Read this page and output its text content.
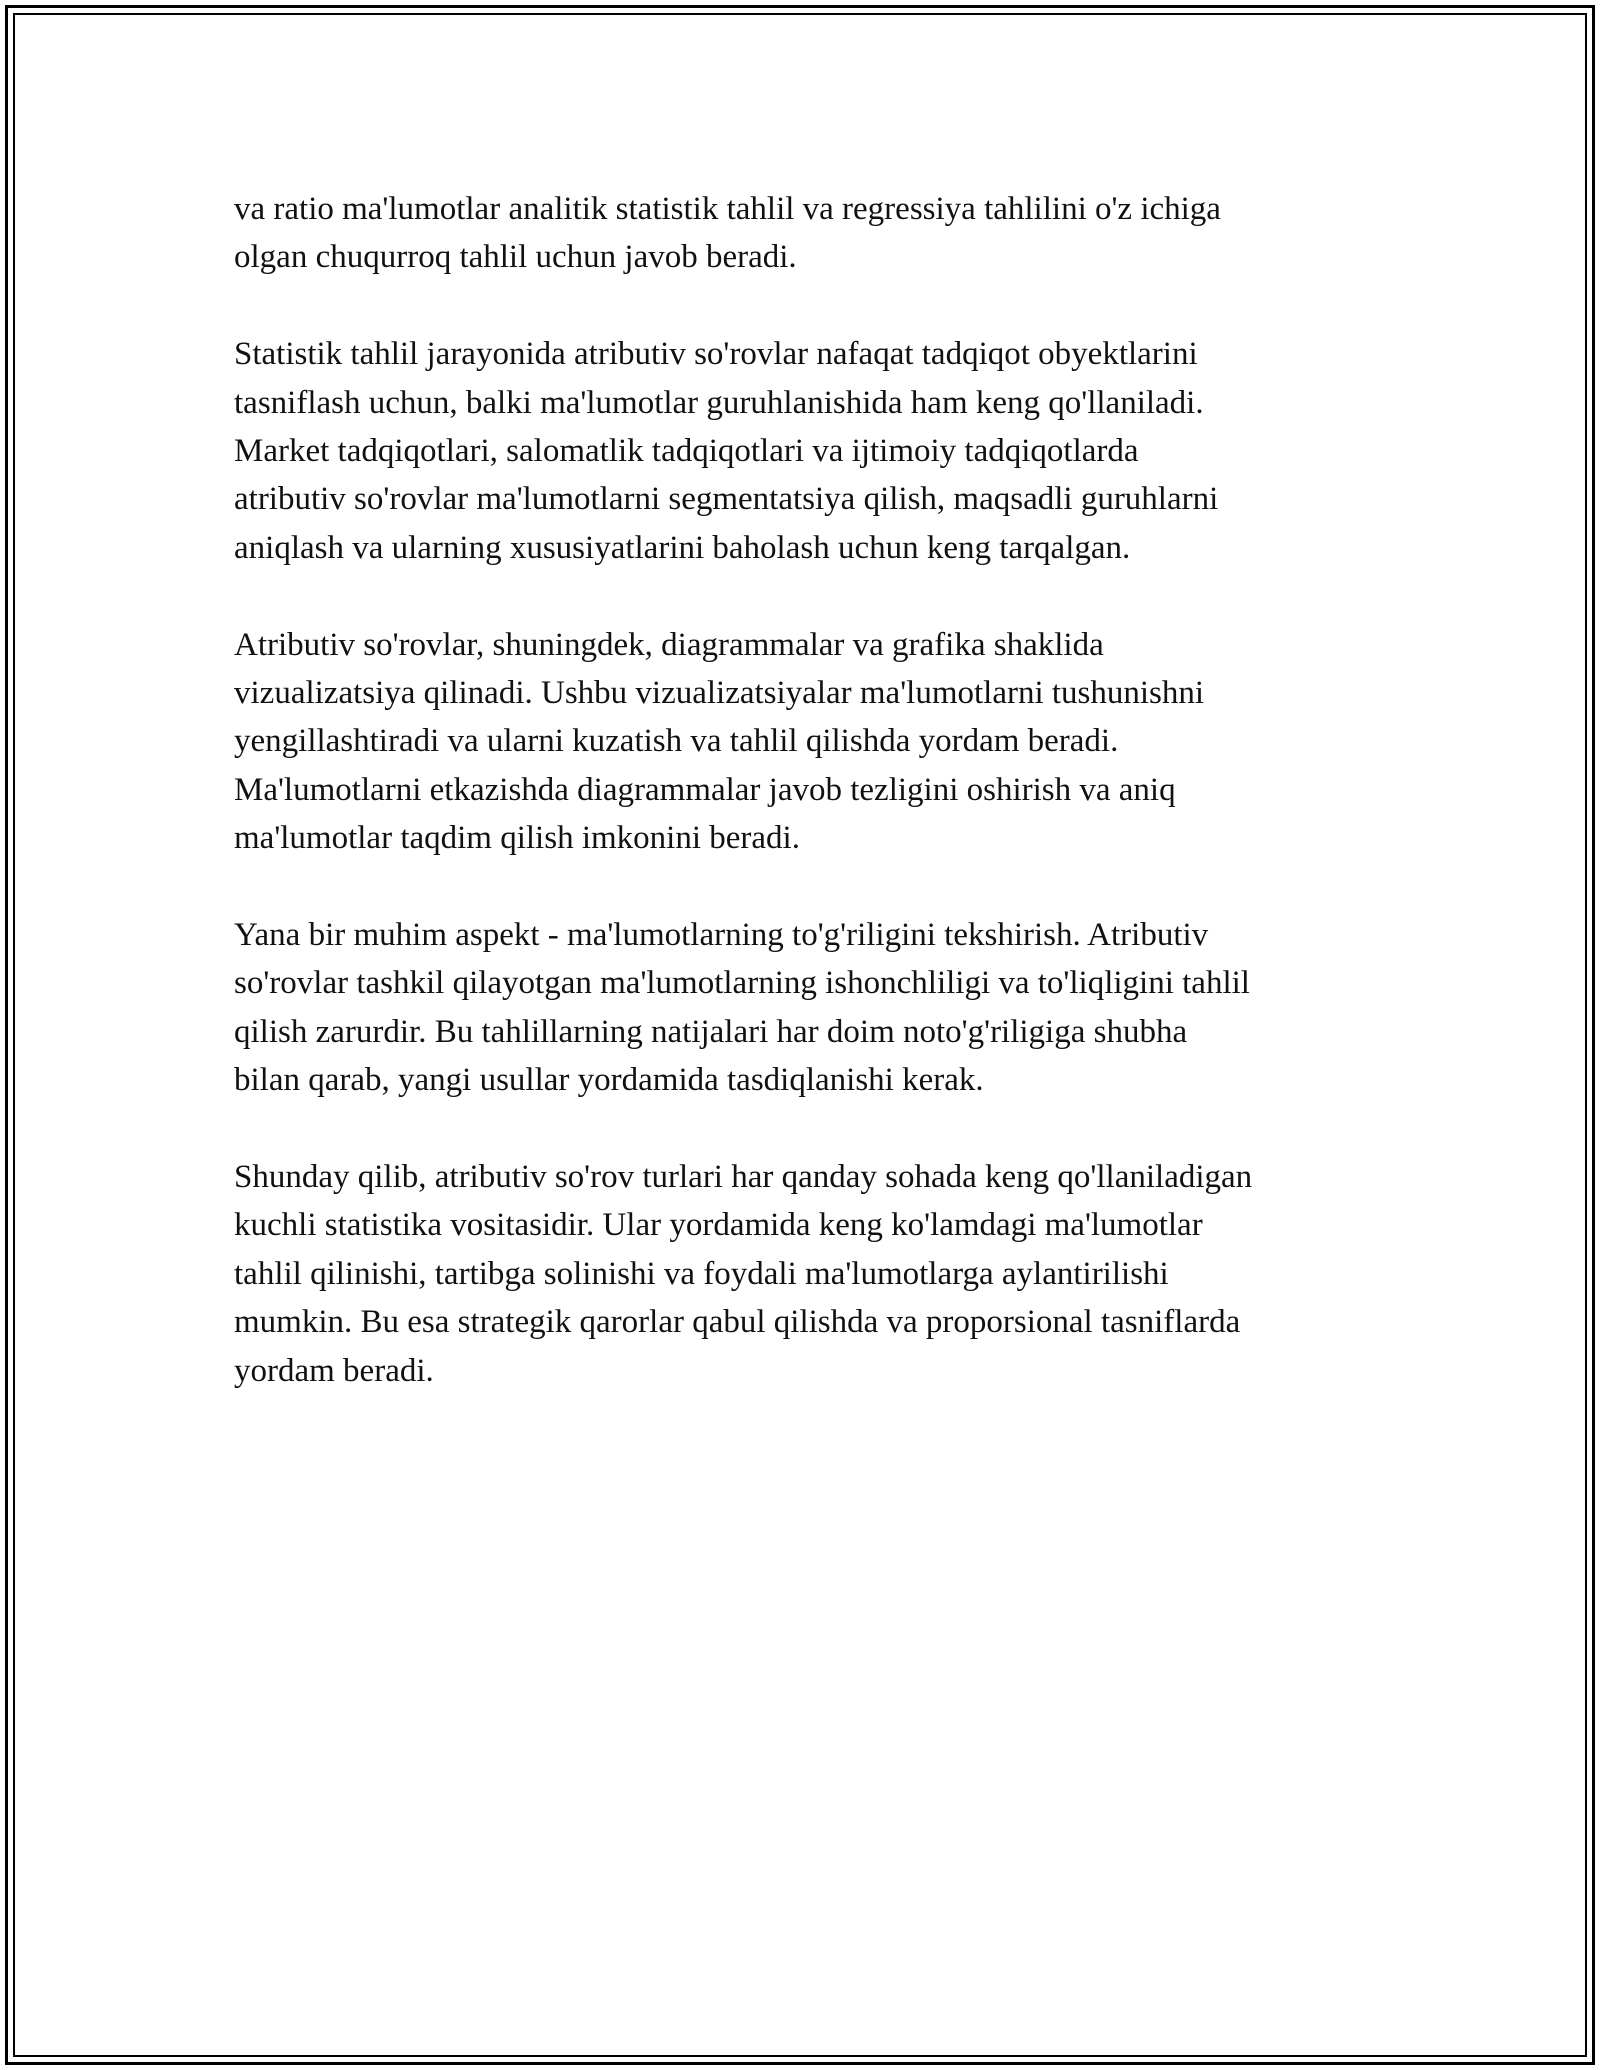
va ratio ma'lumotlar analitik statistik tahlil va regressiya tahlilini o'z ichiga
olgan chuqurroq tahlil uchun javob beradi.

Statistik tahlil jarayonida atributiv so'rovlar nafaqat tadqiqot obyektlarini
tasniflash uchun, balki ma'lumotlar guruhlanishida ham keng qo'llaniladi.
Market tadqiqotlari, salomatlik tadqiqotlari va ijtimoiy tadqiqotlarda
atributiv so'rovlar ma'lumotlarni segmentatsiya qilish, maqsadli guruhlarni
aniqlash va ularning xususiyatlarini baholash uchun keng tarqalgan.

Atributiv so'rovlar, shuningdek, diagrammalar va grafika shaklida
vizualizatsiya qilinadi. Ushbu vizualizatsiyalar ma'lumotlarni tushunishni
yengillashtiradi va ularni kuzatish va tahlil qilishda yordam beradi.
Ma'lumotlarni etkazishda diagrammalar javob tezligini oshirish va aniq
ma'lumotlar taqdim qilish imkonini beradi.

Yana bir muhim aspekt - ma'lumotlarning to'g'riligini tekshirish. Atributiv
so'rovlar tashkil qilayotgan ma'lumotlarning ishonchliligi va to'liqligini tahlil
qilish zarurdir. Bu tahlillarning natijalari har doim noto'g'riligiga shubha
bilan qarab, yangi usullar yordamida tasdiqlanishi kerak.

Shunday qilib, atributiv so'rov turlari har qanday sohada keng qo'llaniladigan
kuchli statistika vositasidir. Ular yordamida keng ko'lamdagi ma'lumotlar
tahlil qilinishi, tartibga solinishi va foydali ma'lumotlarga aylantirilishi
mumkin. Bu esa strategik qarorlar qabul qilishda va proporsional tasniflarda
yordam beradi.
